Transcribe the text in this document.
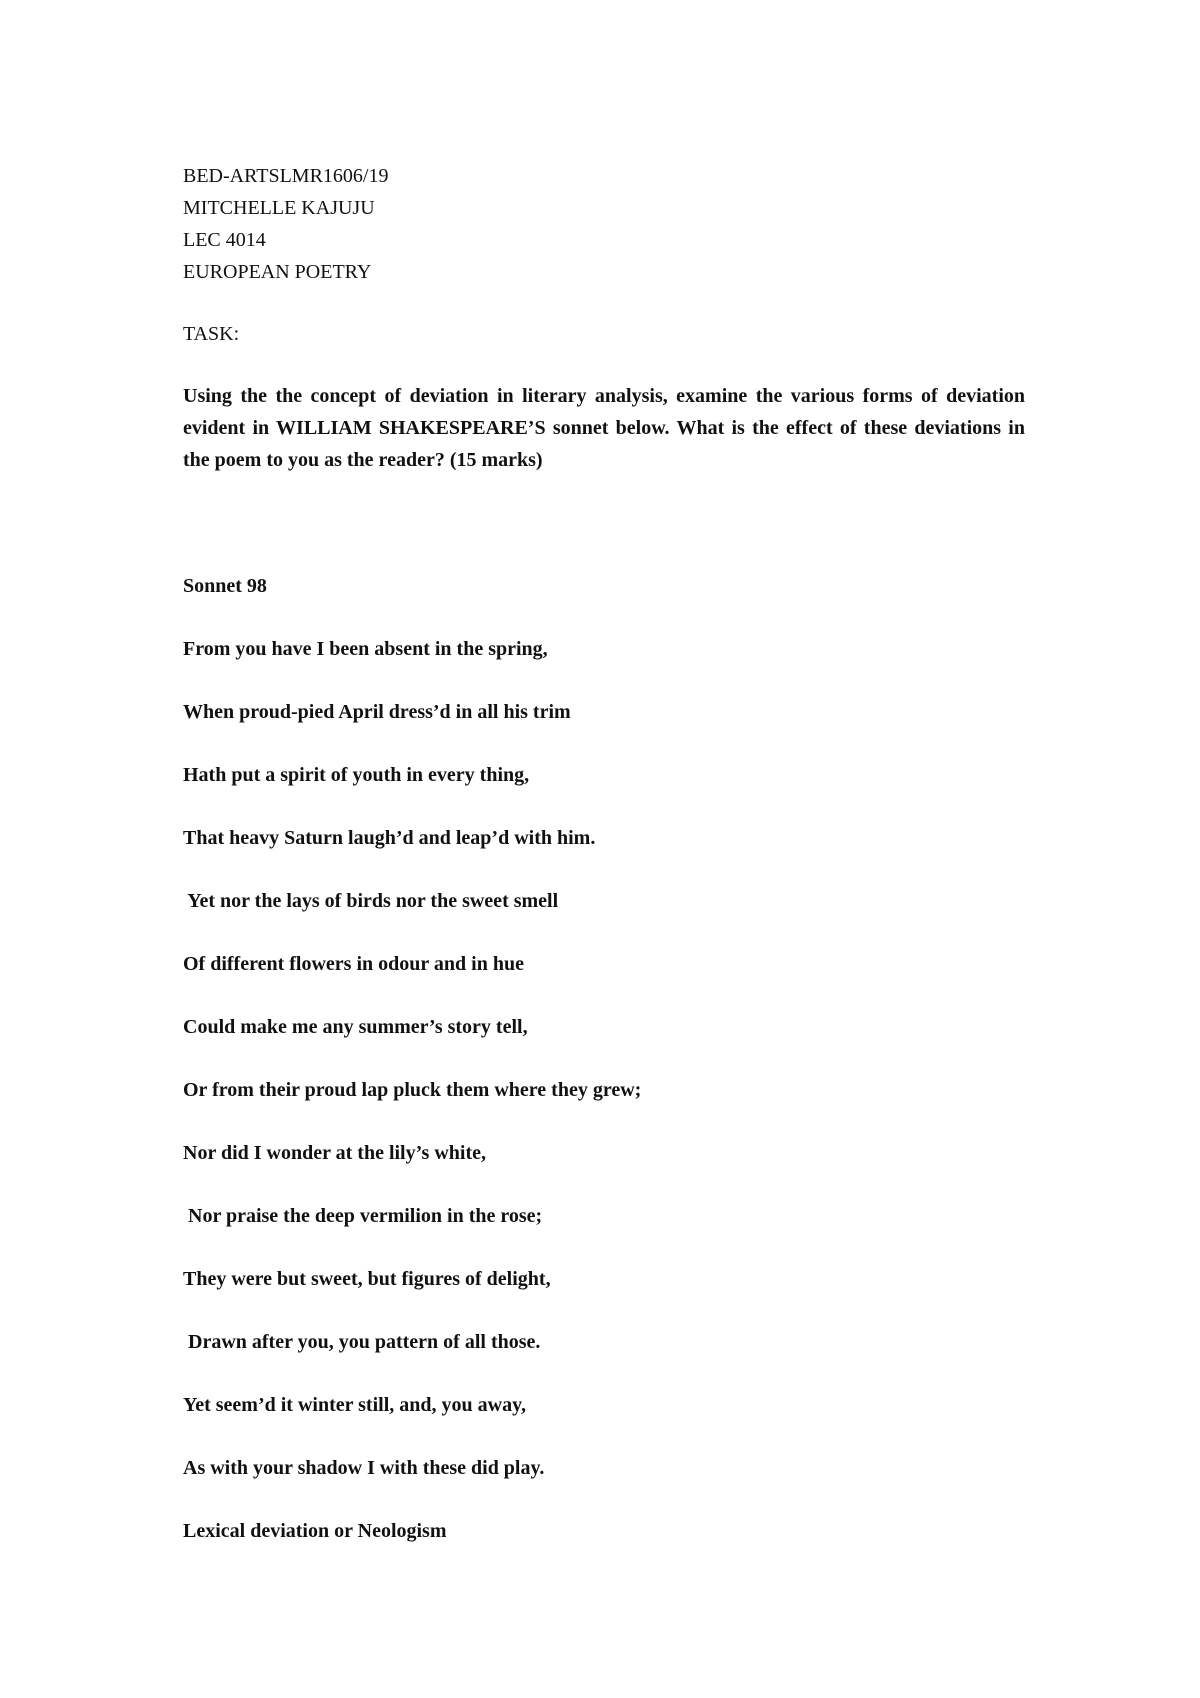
BED-ARTSLMR1606/19
MITCHELLE KAJUJU
LEC 4014
EUROPEAN POETRY
TASK:
Using the the concept of deviation in literary analysis, examine the various forms of deviation evident in WILLIAM SHAKESPEARE’S sonnet below. What is the effect of these deviations in the poem to you as the reader? (15 marks)
Sonnet 98
From you have I been absent in the spring,
When proud-pied April dress’d in all his trim
Hath put a spirit of youth in every thing,
That heavy Saturn laugh’d and leap’d with him.
Yet nor the lays of birds nor the sweet smell
Of different flowers in odour and in hue
Could make me any summer’s story tell,
Or from their proud lap pluck them where they grew;
Nor did I wonder at the lily’s white,
Nor praise the deep vermilion in the rose;
They were but sweet, but figures of delight,
Drawn after you, you pattern of all those.
Yet seem’d it winter still, and, you away,
As with your shadow I with these did play.
Lexical deviation or Neologism
